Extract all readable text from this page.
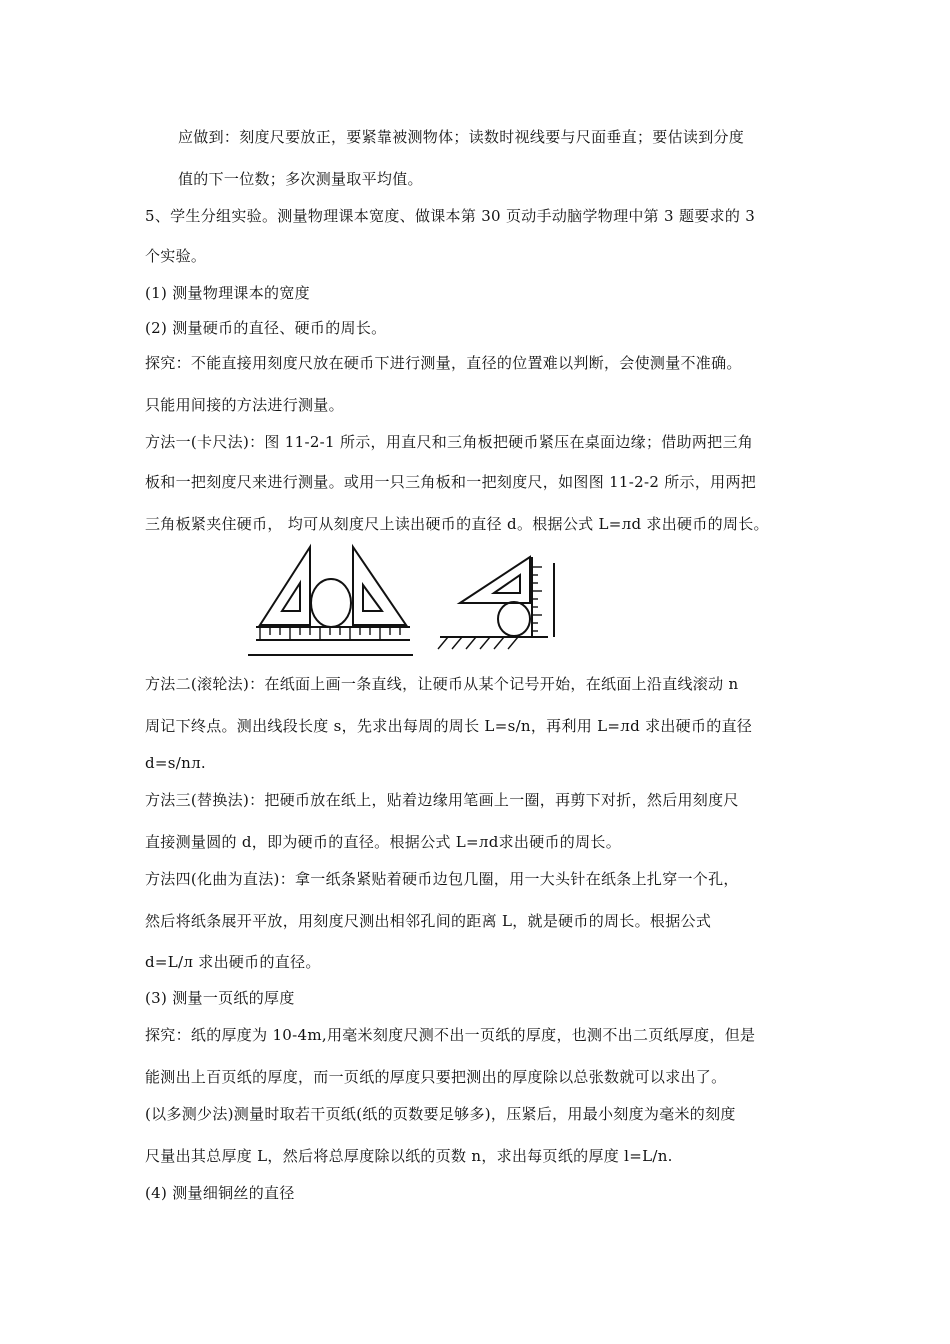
应做到：刻度尺要放正，要紧靠被测物体；读数时视线要与尺面垂直；要估读到分度
值的下一位数；多次测量取平均值。
5、学生分组实验。测量物理课本宽度、做课本第 30 页动手动脑学物理中第 3 题要求的 3
个实验。
(1) 测量物理课本的宽度
(2) 测量硬币的直径、硬币的周长。
探究：不能直接用刻度尺放在硬币下进行测量，直径的位置难以判断，会使测量不准确。
只能用间接的方法进行测量。
方法一(卡尺法)：图 11-2-1 所示，用直尺和三角板把硬币紧压在桌面边缘；借助两把三角
板和一把刻度尺来进行测量。或用一只三角板和一把刻度尺，如图图 11-2-2 所示，用两把
三角板紧夹住硬币， 均可从刻度尺上读出硬币的直径 d。根据公式 L=лd 求出硬币的周长。
方法二(滚轮法)：在纸面上画一条直线，让硬币从某个记号开始，在纸面上沿直线滚动 n
周记下终点。测出线段长度 s，先求出每周的周长 L=s/n，再利用 L=лd 求出硬币的直径
d=s/nл.
方法三(替换法)：把硬币放在纸上，贴着边缘用笔画上一圈，再剪下对折，然后用刻度尺
直接测量圆的 d，即为硬币的直径。根据公式 L=лd求出硬币的周长。
方法四(化曲为直法)：拿一纸条紧贴着硬币边包几圈，用一大头针在纸条上扎穿一个孔，
然后将纸条展开平放，用刻度尺测出相邻孔间的距离 L，就是硬币的周长。根据公式
d=L/л 求出硬币的直径。
(3) 测量一页纸的厚度
探究：纸的厚度为 10-4m,用毫米刻度尺测不出一页纸的厚度，也测不出二页纸厚度，但是
能测出上百页纸的厚度，而一页纸的厚度只要把测出的厚度除以总张数就可以求出了。
(以多测少法)测量时取若干页纸(纸的页数要足够多)，压紧后，用最小刻度为毫米的刻度
尺量出其总厚度 L，然后将总厚度除以纸的页数 n，求出每页纸的厚度 l=L/n.
(4) 测量细铜丝的直径
